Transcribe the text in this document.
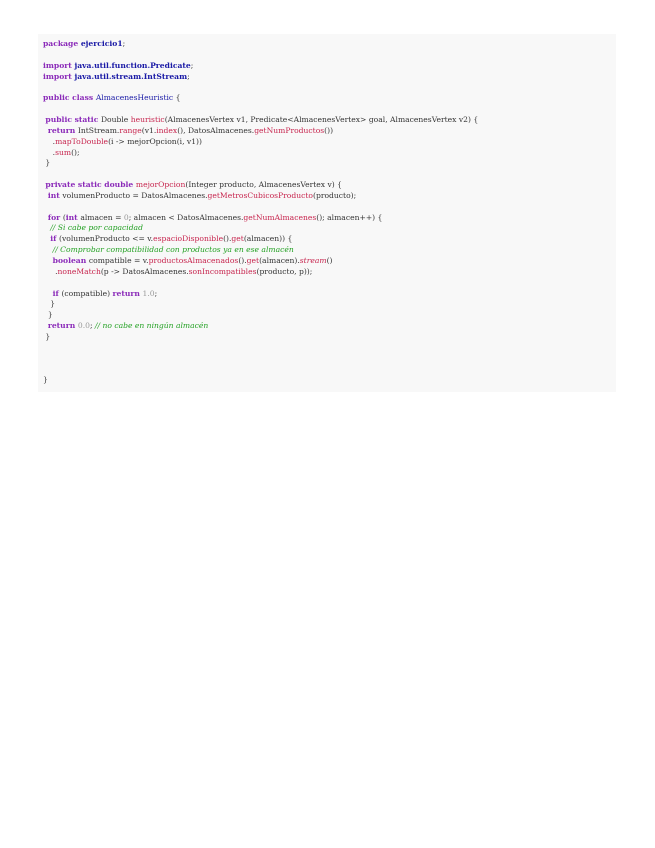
package ejercicio1;
import java.util.function.Predicate;
import java.util.stream.IntStream;
public class AlmacenesHeuristic {
public static Double heuristic(AlmacenesVertex v1, Predicate<AlmacenesVertex> goal, AlmacenesVertex v2) {
return IntStream.range(v1.index(), DatosAlmacenes.getNumProductos())
.mapToDouble(i -> mejorOpcion(i, v1))
.sum();
}
private static double mejorOpcion(Integer producto, AlmacenesVertex v) {
int volumenProducto = DatosAlmacenes.getMetrosCubicosProducto(producto);
for (int almacen = 0; almacen < DatosAlmacenes.getNumAlmacenes(); almacen++) {
// Si cabe por capacidad
if (volumenProducto <= v.espacioDisponible().get(almacen)) {
// Comprobar compatibilidad con productos ya en ese almacén
boolean compatible = v.productosAlmacenados().get(almacen).stream()
.noneMatch(p -> DatosAlmacenes.sonIncompatibles(producto, p));
if (compatible) return 1.0;
}
}
return 0.0; // no cabe en ningún almacén
}
}
